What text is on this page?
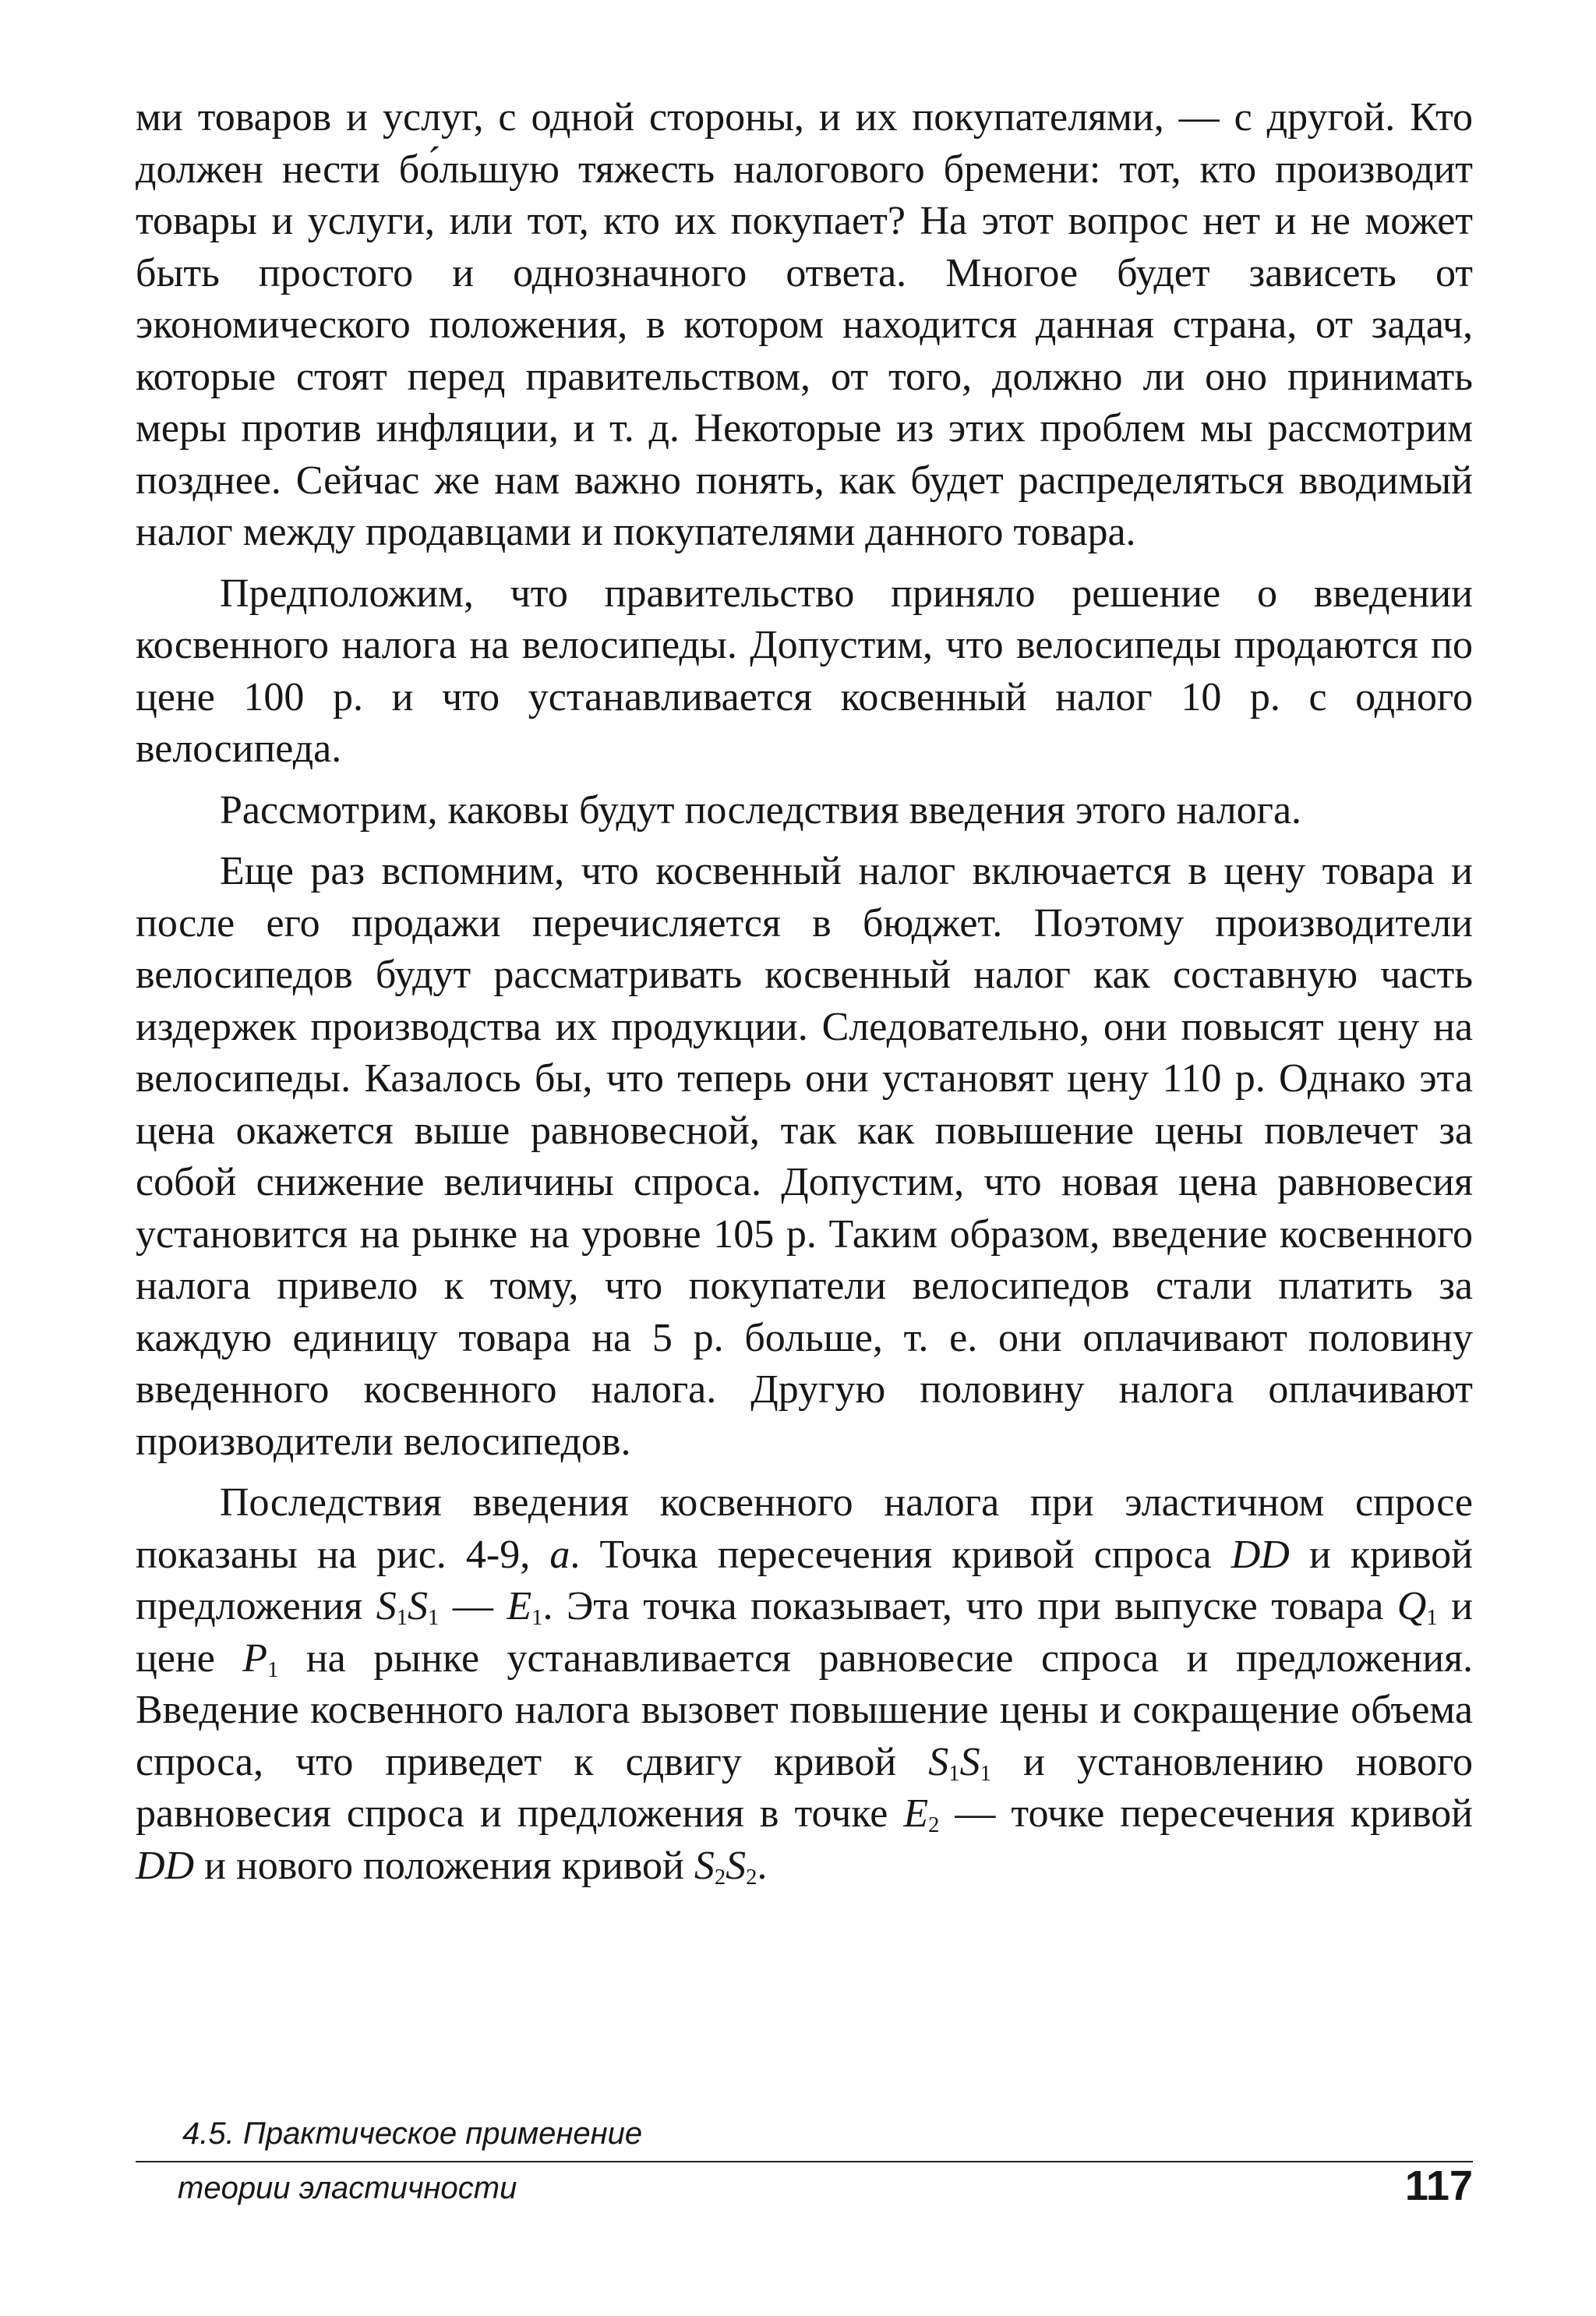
ми товаров и услуг, с одной стороны, и их покупателями, — с другой. Кто должен нести бо́льшую тяжесть налогового бремени: тот, кто производит товары и услуги, или тот, кто их покупает? На этот вопрос нет и не может быть простого и однозначного ответа. Многое будет зависеть от экономического положения, в котором находится данная страна, от задач, которые стоят перед правительством, от того, должно ли оно принимать меры против инфляции, и т. д. Некоторые из этих проблем мы рассмотрим позднее. Сейчас же нам важно понять, как будет распределяться вводимый налог между продавцами и покупателями данного товара.

Предположим, что правительство приняло решение о введении косвенного налога на велосипеды. Допустим, что велосипеды продаются по цене 100 р. и что устанавливается косвенный налог 10 р. с одного велосипеда.

Рассмотрим, каковы будут последствия введения этого налога.

Еще раз вспомним, что косвенный налог включается в цену товара и после его продажи перечисляется в бюджет. Поэтому производители велосипедов будут рассматривать косвенный налог как составную часть издержек производства их продукции. Следовательно, они повысят цену на велосипеды. Казалось бы, что теперь они установят цену 110 р. Однако эта цена окажется выше равновесной, так как повышение цены повлечет за собой снижение величины спроса. Допустим, что новая цена равновесия установится на рынке на уровне 105 р. Таким образом, введение косвенного налога привело к тому, что покупатели велосипедов стали платить за каждую единицу товара на 5 р. больше, т. е. они оплачивают половину введенного косвенного налога. Другую половину налога оплачивают производители велосипедов.

Последствия введения косвенного налога при эластичном спросе показаны на рис. 4-9, а. Точка пересечения кривой спроса DD и кривой предложения $S_1S_1$ — $E_1$. Эта точка показывает, что при выпуске товара $Q_1$ и цене $P_1$ на рынке устанавливается равновесие спроса и предложения. Введение косвенного налога вызовет повышение цены и сокращение объема спроса, что приведет к сдвигу кривой $S_1S_1$ и установлению нового равновесия спроса и предложения в точке $E_2$ — точке пересечения кривой DD и нового положения кривой $S_2S_2$.

4.5. Практическое применение
теории эластичности	117
